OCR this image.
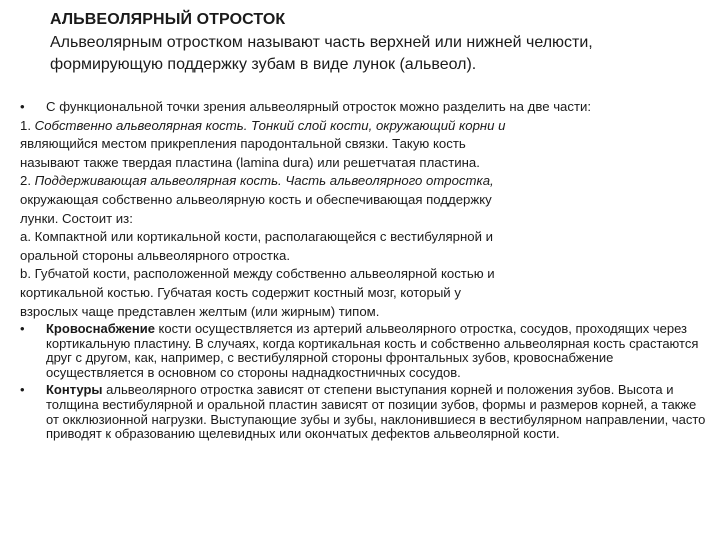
АЛЬВЕОЛЯРНЫЙ ОТРОСТОК
Альвеолярным отростком называют часть верхней или нижней челюсти,
формирующую поддержку зубам в виде лунок (альвеол).
• С функциональной точки зрения альвеолярный отросток можно разделить на две части:
1. Собственно альвеолярная кость. Тонкий слой кости, окружающий корни и
являющийся местом прикрепления пародонтальной связки. Такую кость
называют также твердая пластина (lamina dura) или решетчатая пластина.
2. Поддерживающая альвеолярная кость. Часть альвеолярного отростка,
окружающая собственно альвеолярную кость и обеспечивающая поддержку
лунки. Состоит из:
a. Компактной или кортикальной кости, располагающейся с вестибулярной и
оральной стороны альвеолярного отростка.
b. Губчатой кости, расположенной между собственно альвеолярной костью и
кортикальной костью. Губчатая кость содержит костный мозг, который у
взрослых чаще представлен желтым (или жирным) типом.
• Кровоснабжение кости осуществляется из артерий альвеолярного отростка, сосудов, проходящих через кортикальную пластину. В случаях, когда кортикальная кость и собственно альвеолярная кость срастаются друг с другом, как, например, с вестибулярной стороны фронтальных зубов, кровоснабжение осуществляется в основном со стороны наднадкостничных сосудов.
• Контуры альвеолярного отростка зависят от степени выступания корней и положения зубов. Высота и толщина вестибулярной и оральной пластин зависят от позиции зубов, формы и размеров корней, а также от окклюзионной нагрузки. Выступающие зубы и зубы, наклонившиеся в вестибулярном направлении, часто приводят к образованию щелевидных или окончатых дефектов альвеолярной кости.
